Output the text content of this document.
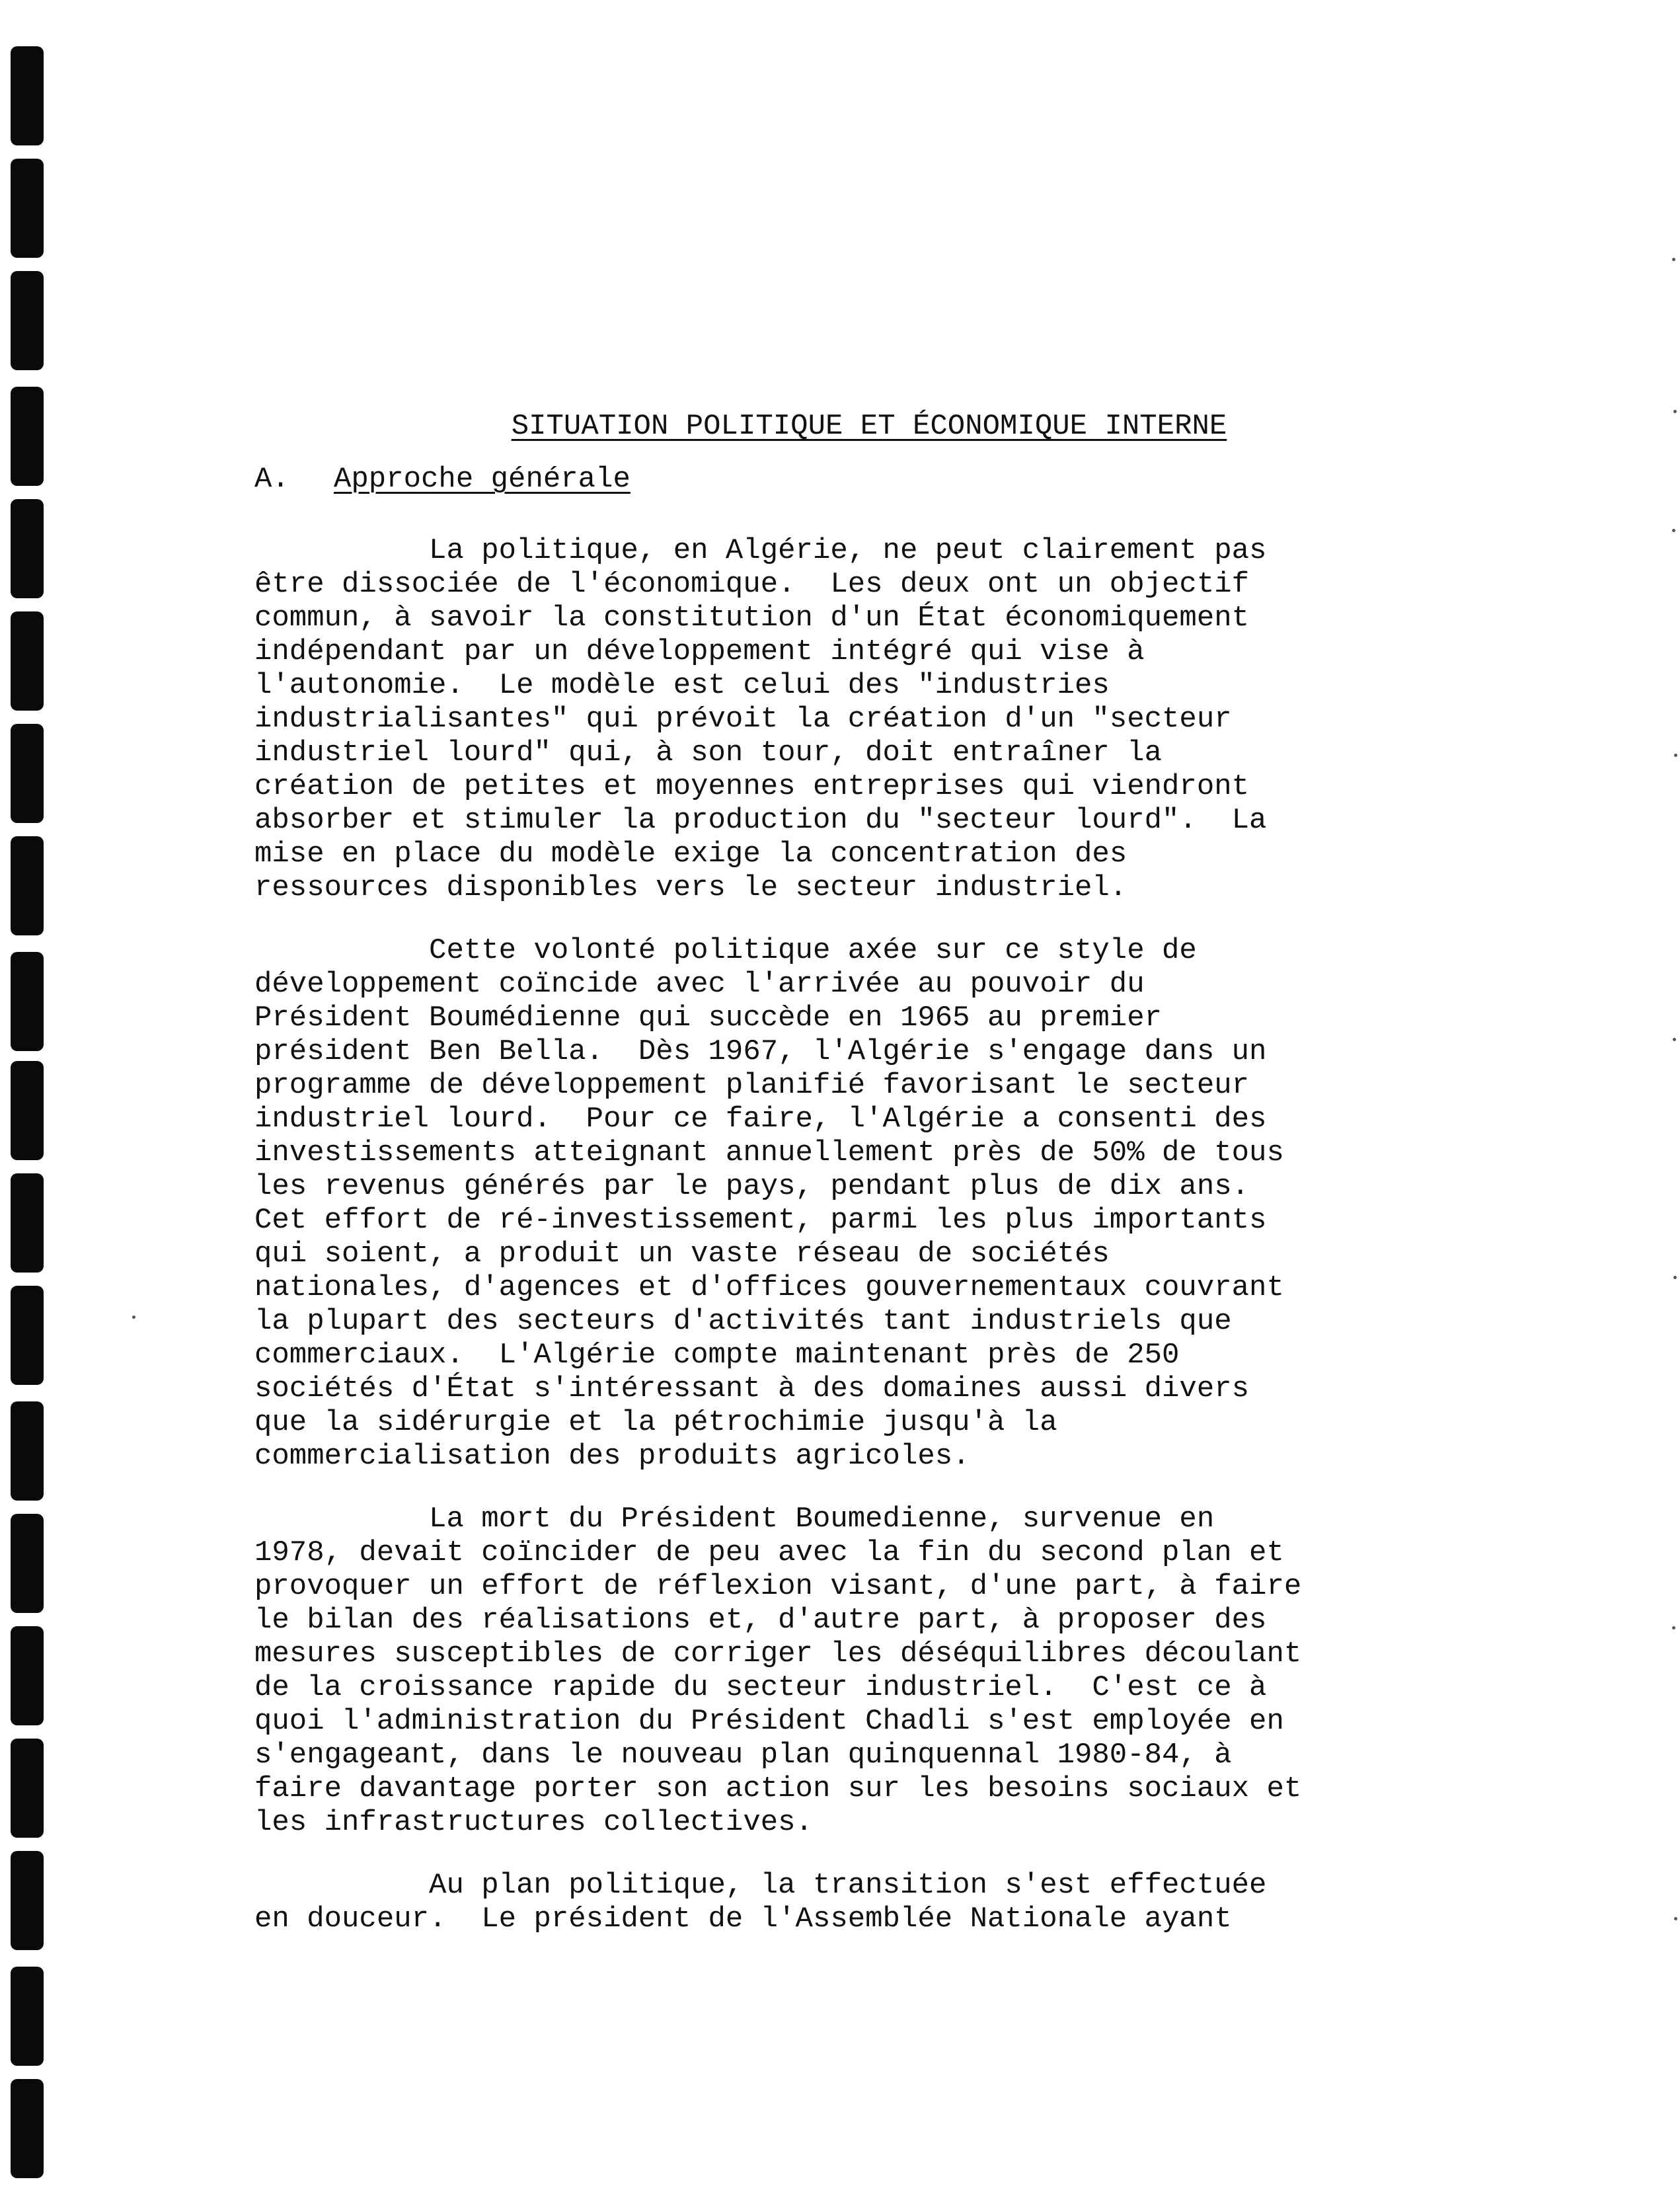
SITUATION POLITIQUE ET ÉCONOMIQUE INTERNE
A. Approche générale
La politique, en Algérie, ne peut clairement pas
être dissociée de l'économique.  Les deux ont un objectif
commun, à savoir la constitution d'un État économiquement
indépendant par un développement intégré qui vise à
l'autonomie.  Le modèle est celui des "industries
industrialisantes" qui prévoit la création d'un "secteur
industriel lourd" qui, à son tour, doit entraîner la
création de petites et moyennes entreprises qui viendront
absorber et stimuler la production du "secteur lourd".  La
mise en place du modèle exige la concentration des
ressources disponibles vers le secteur industriel.
Cette volonté politique axée sur ce style de
développement coïncide avec l'arrivée au pouvoir du
Président Boumédienne qui succède en 1965 au premier
président Ben Bella.  Dès 1967, l'Algérie s'engage dans un
programme de développement planifié favorisant le secteur
industriel lourd.  Pour ce faire, l'Algérie a consenti des
investissements atteignant annuellement près de 50% de tous
les revenus générés par le pays, pendant plus de dix ans.
Cet effort de ré-investissement, parmi les plus importants
qui soient, a produit un vaste réseau de sociétés
nationales, d'agences et d'offices gouvernementaux couvrant
la plupart des secteurs d'activités tant industriels que
commerciaux.  L'Algérie compte maintenant près de 250
sociétés d'État s'intéressant à des domaines aussi divers
que la sidérurgie et la pétrochimie jusqu'à la
commercialisation des produits agricoles.
La mort du Président Boumedienne, survenue en
1978, devait coïncider de peu avec la fin du second plan et
provoquer un effort de réflexion visant, d'une part, à faire
le bilan des réalisations et, d'autre part, à proposer des
mesures susceptibles de corriger les déséquilibres découlant
de la croissance rapide du secteur industriel.  C'est ce à
quoi l'administration du Président Chadli s'est employée en
s'engageant, dans le nouveau plan quinquennal 1980-84, à
faire davantage porter son action sur les besoins sociaux et
les infrastructures collectives.
Au plan politique, la transition s'est effectuée
en douceur.  Le président de l'Assemblée Nationale ayant
